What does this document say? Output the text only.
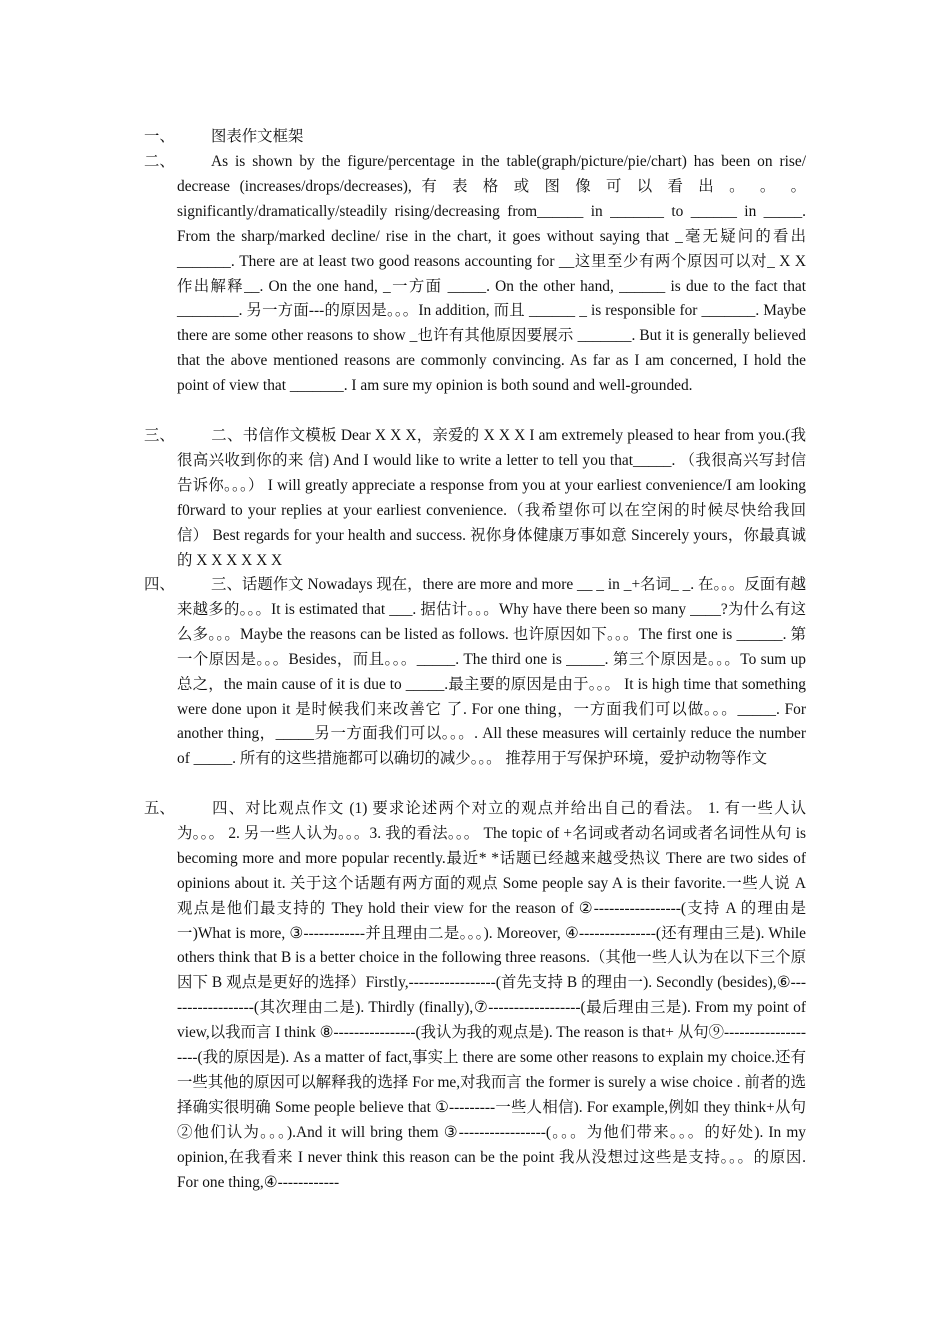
一、	图表作文框架
二、	As is shown by the figure/percentage in the table(graph/picture/pie/chart) has been on rise/ decrease (increases/drops/decreases), 有 表 格 或 图 像 可 以 看 出 。 。 。 significantly/dramatically/steadily rising/decreasing from______ in _______ to ______ in _____. From the sharp/marked decline/ rise in the chart, it goes without saying that _毫无疑问的看出_______. There are at least two good reasons accounting for __这里至少有两个原因可以对_ X X 作出解释__. On the one hand, _一方面 _____. On the other hand, ______ is due to the fact that ________. 另一方面---的原因是。。。In addition, 而且 ______ _ is responsible for _______. Maybe there are some other reasons to show _也许有其他原因要展示 _______. But it is generally believed that the above mentioned reasons are commonly convincing. As far as I am concerned, I hold the point of view that _______. I am sure my opinion is both sound and well-grounded.
三、	二、书信作文模板 Dear X X X，亲爱的 X X X I am extremely pleased to hear from you.(我很高兴收到你的来 信) And I would like to write a letter to tell you that_____. （我很高兴写封信告诉你。。。） I will greatly appreciate a response from you at your earliest convenience/I am looking f0rward to your replies at your earliest convenience.（我希望你可以在空闲的时候尽快给我回信） Best regards for your health and success. 祝你身体健康万事如意 Sincerely yours，你最真诚的 X X X X X X
四、	三、话题作文 Nowadays 现在，there are more and more __ _ in _+名词_ _. 在。。。反面有越来越多的。。。It is estimated that ___. 据估计。。。Why have there been so many ____?为什么有这么多。。。Maybe the reasons can be listed as follows. 也许原因如下。。。The first one is ______. 第一个原因是。。。Besides，而且。。。_____. The third one is _____. 第三个原因是。。。To sum up 总之，the main cause of it is due to _____.最主要的原因是由于。。。 It is high time that something were done upon it 是时候我们来改善它 了. For one thing，一方面我们可以做。。。_____. For another thing，_____另一方面我们可以。。。. All these measures will certainly reduce the number of _____. 所有的这些措施都可以确切的减少。。。 推荐用于写保护环境，爱护动物等作文
五、	四、对比观点作文 (1) 要求论述两个对立的观点并给出自己的看法。 1. 有一些人认为。。。 2. 另一些人认为。。。3. 我的看法。。。 The topic of +名词或者动名词或者名词性从句 is becoming more and more popular recently.最近* *话题已经越来越受热议 There are two sides of opinions about it. 关于这个话题有两方面的观点 Some people say A is their favorite.一些人说 A 观点是他们最支持的 They hold their view for the reason of ②-----------------(支持 A 的理由是一)What is more, ③------------并且理由二是。。。). Moreover, ④---------------(还有理由三是). While others think that B is a better choice in the following three reasons.（其他一些人认为在以下三个原因下 B 观点是更好的选择）Firstly,-----------------(首先支持 B 的理由一). Secondly (besides),⑥------------------(其次理由二是). Thirdly (finally),⑦------------------(最后理由三是). From my point of view,以我而言 I think ⑧----------------(我认为我的观点是). The reason is that+ 从句⑨--------------------(我的原因是). As a matter of fact,事实上 there are some other reasons to explain my choice.还有一些其他的原因可以解释我的选择 For me,对我而言 the former is surely a wise choice . 前者的选择确实很明确 Some people believe that ①---------一些人相信). For example,例如 they think+从句 ②他们认为。。。).And it will bring them ③-----------------(。。。为他们带来。。。的好处). In my opinion,在我看来 I never think this reason can be the point 我从没想过这些是支持。。。的原因. For one thing,④------------
